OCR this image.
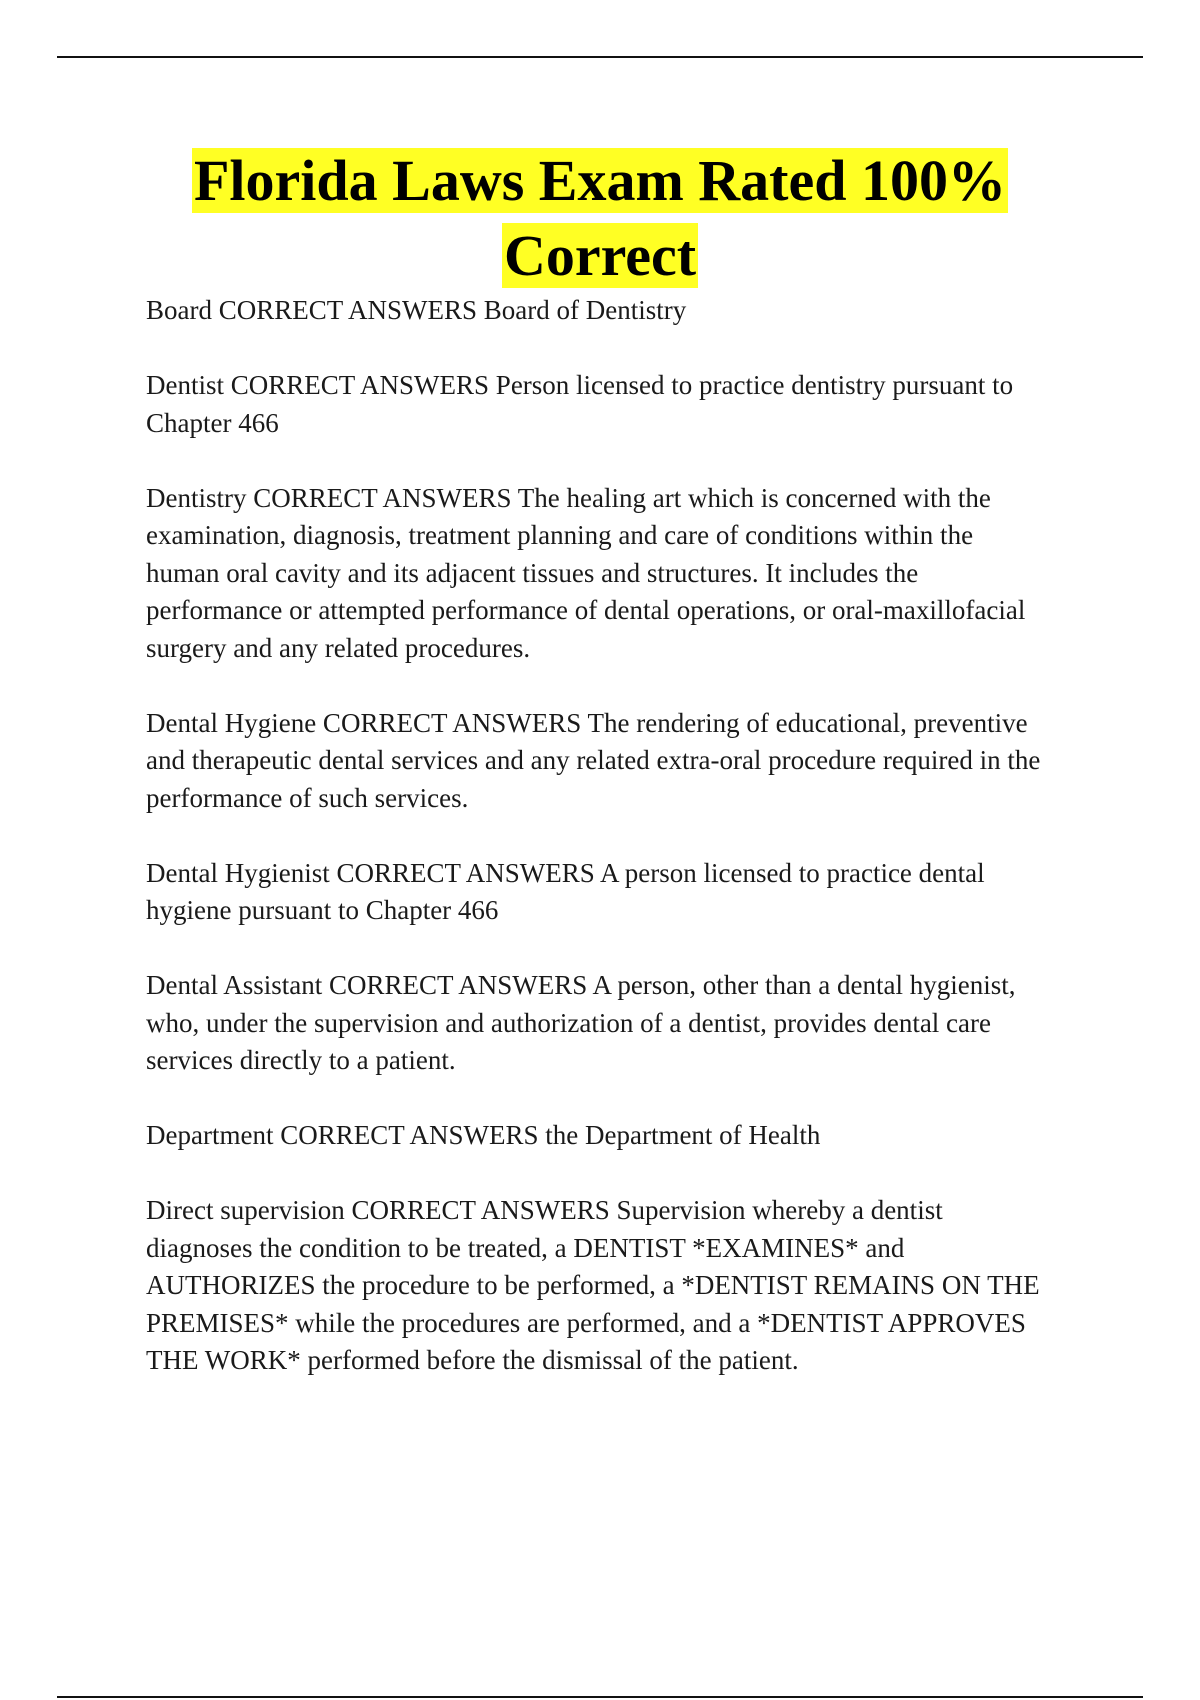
Florida Laws Exam Rated 100%
Correct

Board CORRECT ANSWERS Board of Dentistry

Dentist CORRECT ANSWERS Person licensed to practice dentistry pursuant to
Chapter 466

Dentistry CORRECT ANSWERS The healing art which is concerned with the
examination, diagnosis, treatment planning and care of conditions within the
human oral cavity and its adjacent tissues and structures. It includes the
performance or attempted performance of dental operations, or oral-maxillofacial
surgery and any related procedures.

Dental Hygiene CORRECT ANSWERS The rendering of educational, preventive
and therapeutic dental services and any related extra-oral procedure required in the
performance of such services.

Dental Hygienist CORRECT ANSWERS A person licensed to practice dental
hygiene pursuant to Chapter 466

Dental Assistant CORRECT ANSWERS A person, other than a dental hygienist,
who, under the supervision and authorization of a dentist, provides dental care
services directly to a patient.

Department CORRECT ANSWERS the Department of Health

Direct supervision CORRECT ANSWERS Supervision whereby a dentist
diagnoses the condition to be treated, a DENTIST *EXAMINES* and
AUTHORIZES the procedure to be performed, a *DENTIST REMAINS ON THE
PREMISES* while the procedures are performed, and a *DENTIST APPROVES
THE WORK* performed before the dismissal of the patient.
